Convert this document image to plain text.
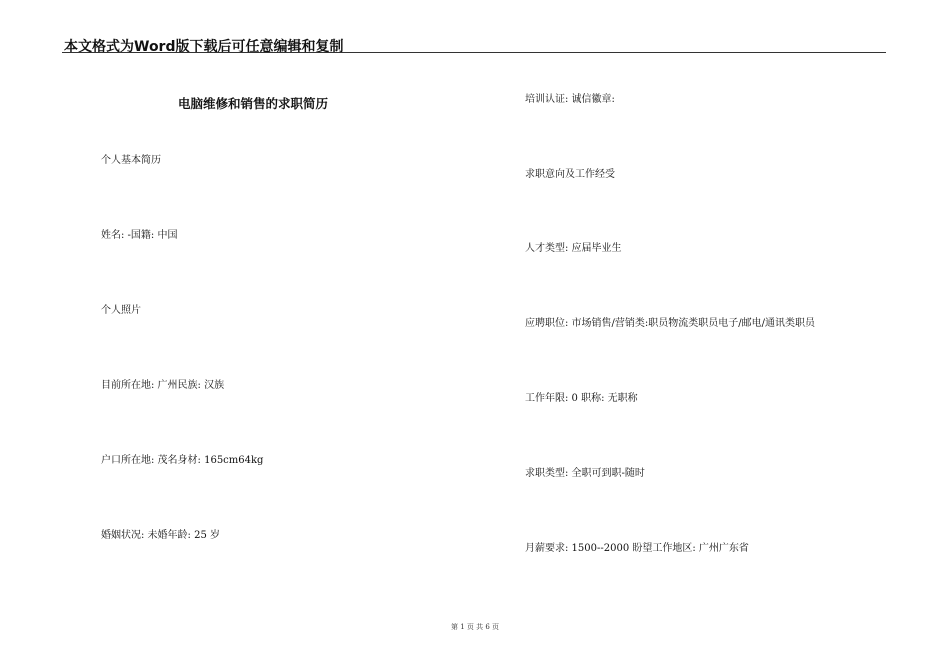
本文格式为Word版下载后可任意编辑和复制
电脑维修和销售的求职简历
个人基本简历
姓名: -国籍: 中国
个人照片
目前所在地: 广州民族: 汉族
户口所在地: 茂名身材: 165cm64kg
婚姻状况: 未婚年龄: 25 岁
培训认证: 诚信徽章:
求职意向及工作经受
人才类型: 应届毕业生
应聘职位: 市场销售/营销类:职员物流类职员电子/邮电/通讯类职员
工作年限: 0 职称: 无职称
求职类型: 全职可到职-随时
月薪要求: 1500--2000 盼望工作地区: 广州广东省
第 1 页 共 6 页
